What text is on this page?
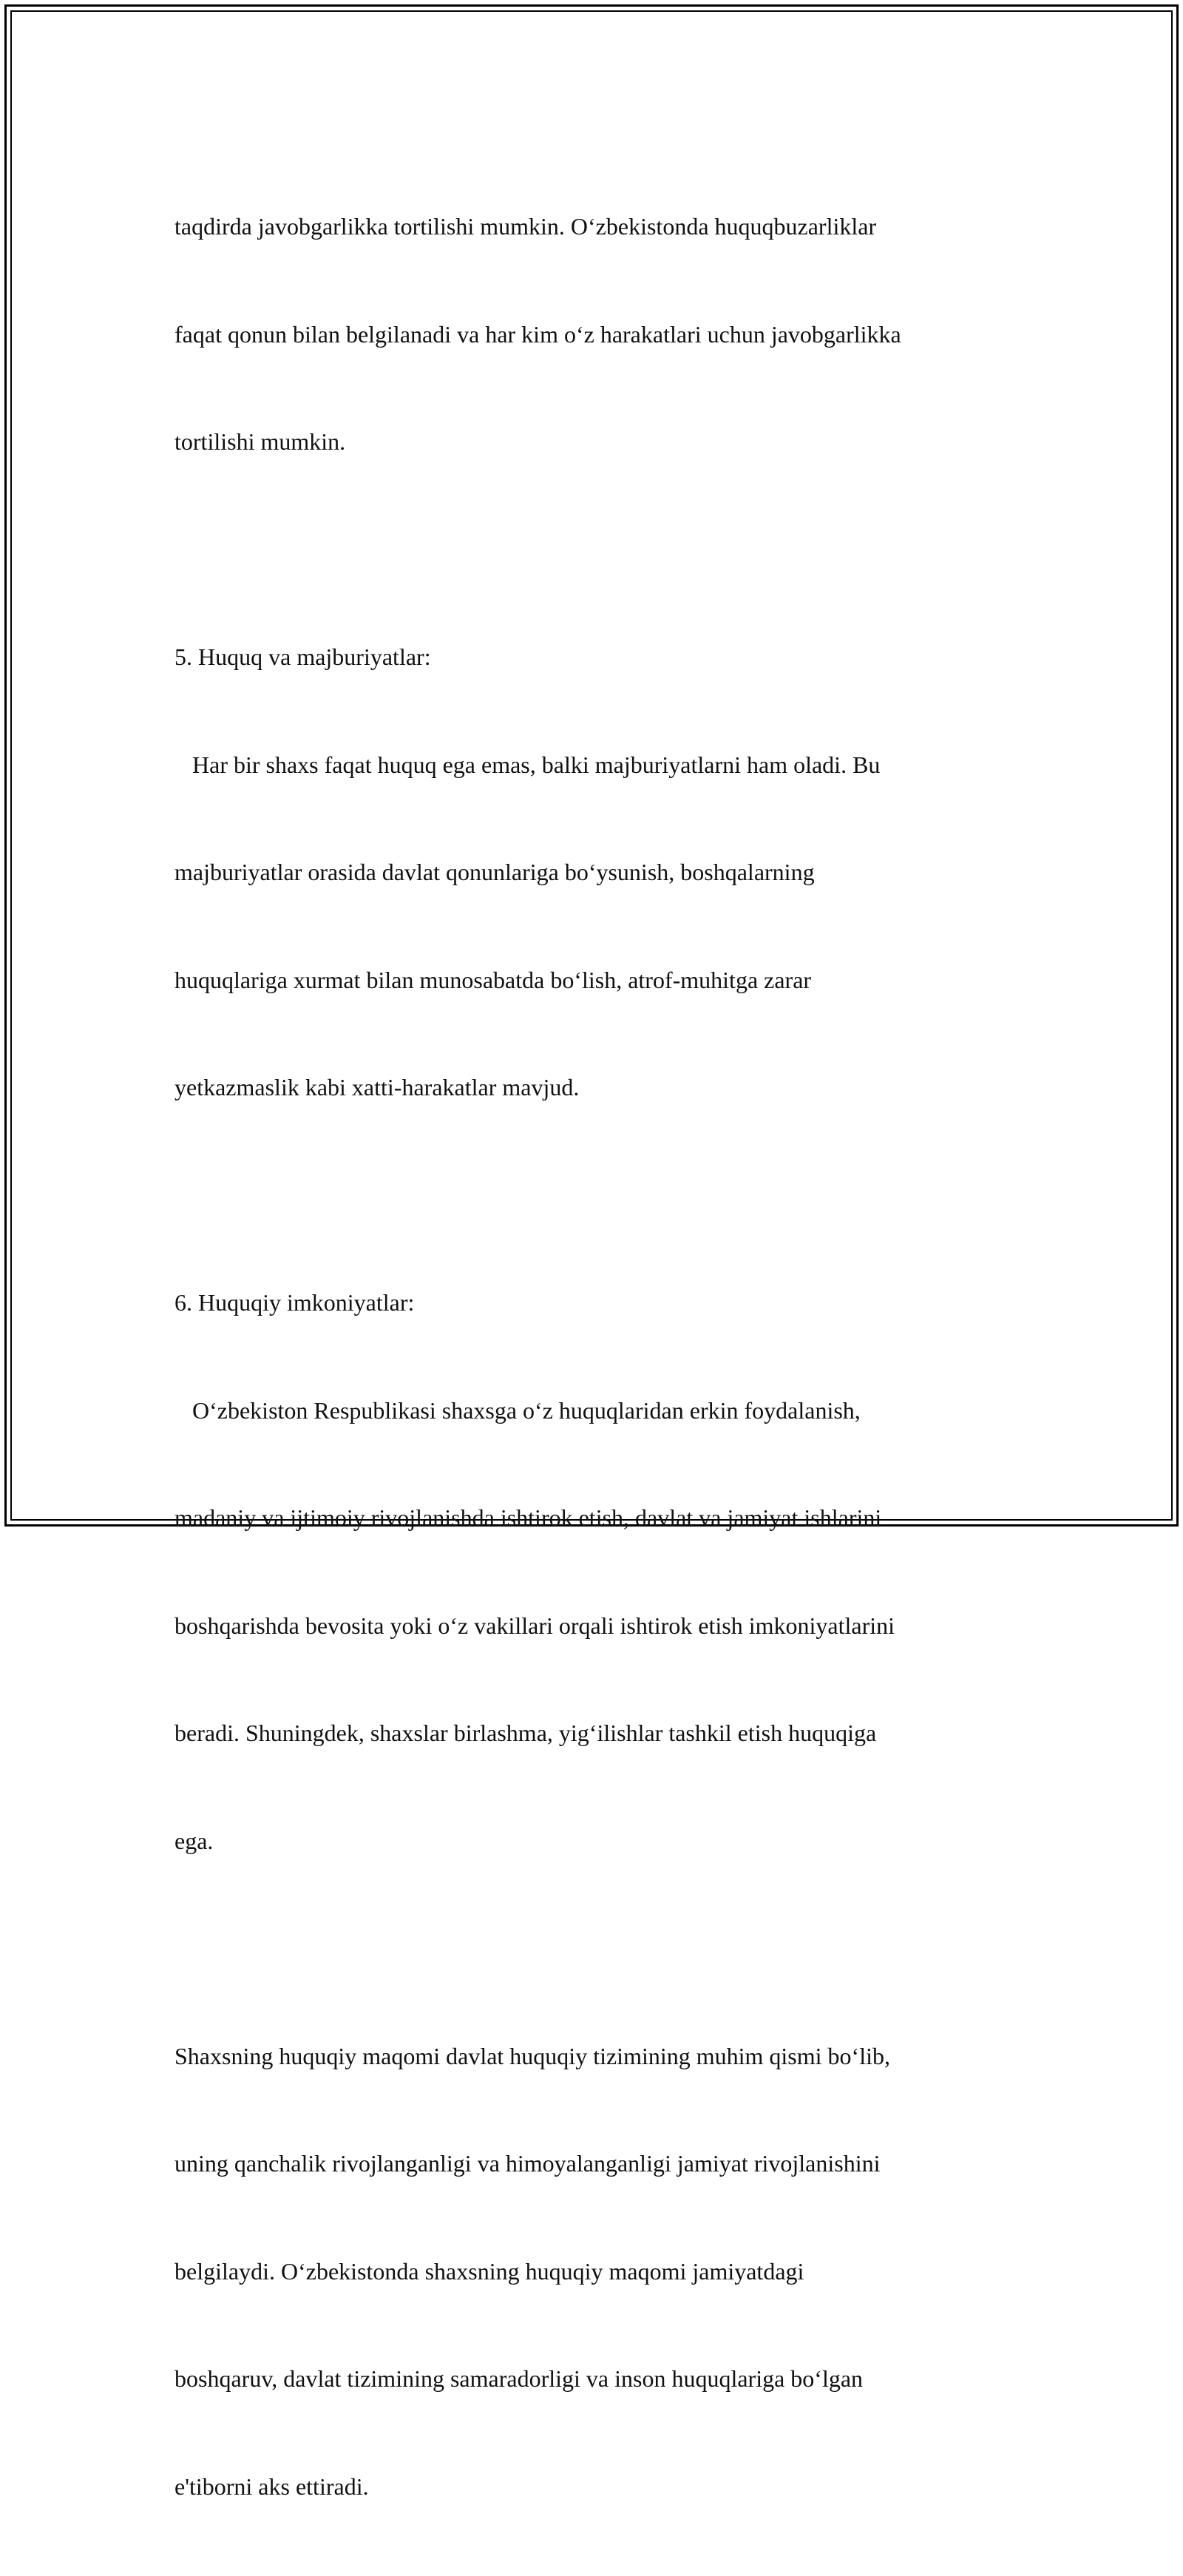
taqdirda javobgarlikka tortilishi mumkin. O‘zbekistonda huquqbuzarliklar

faqat qonun bilan belgilanadi va har kim o‘z harakatlari uchun javobgarlikka

tortilishi mumkin.

5. Huquq va majburiyatlar:

Har bir shaxs faqat huquq ega emas, balki majburiyatlarni ham oladi. Bu

majburiyatlar orasida davlat qonunlariga bo‘ysunish, boshqalarning

huquqlariga xurmat bilan munosabatda bo‘lish, atrof-muhitga zarar

yetkazmaslik kabi xatti-harakatlar mavjud.

6. Huquqiy imkoniyatlar:

O‘zbekiston Respublikasi shaxsga o‘z huquqlaridan erkin foydalanish,

madaniy va ijtimoiy rivojlanishda ishtirok etish, davlat va jamiyat ishlarini

boshqarishda bevosita yoki o‘z vakillari orqali ishtirok etish imkoniyatlarini

beradi. Shuningdek, shaxslar birlashma, yig‘ilishlar tashkil etish huquqiga

ega.

Shaxsning huquqiy maqomi davlat huquqiy tizimining muhim qismi bo‘lib,

uning qanchalik rivojlanganligi va himoyalanganligi jamiyat rivojlanishini

belgilaydi. O‘zbekistonda shaxsning huquqiy maqomi jamiyatdagi

boshqaruv, davlat tizimining samaradorligi va inson huquqlariga bo‘lgan

e'tiborni aks ettiradi.
